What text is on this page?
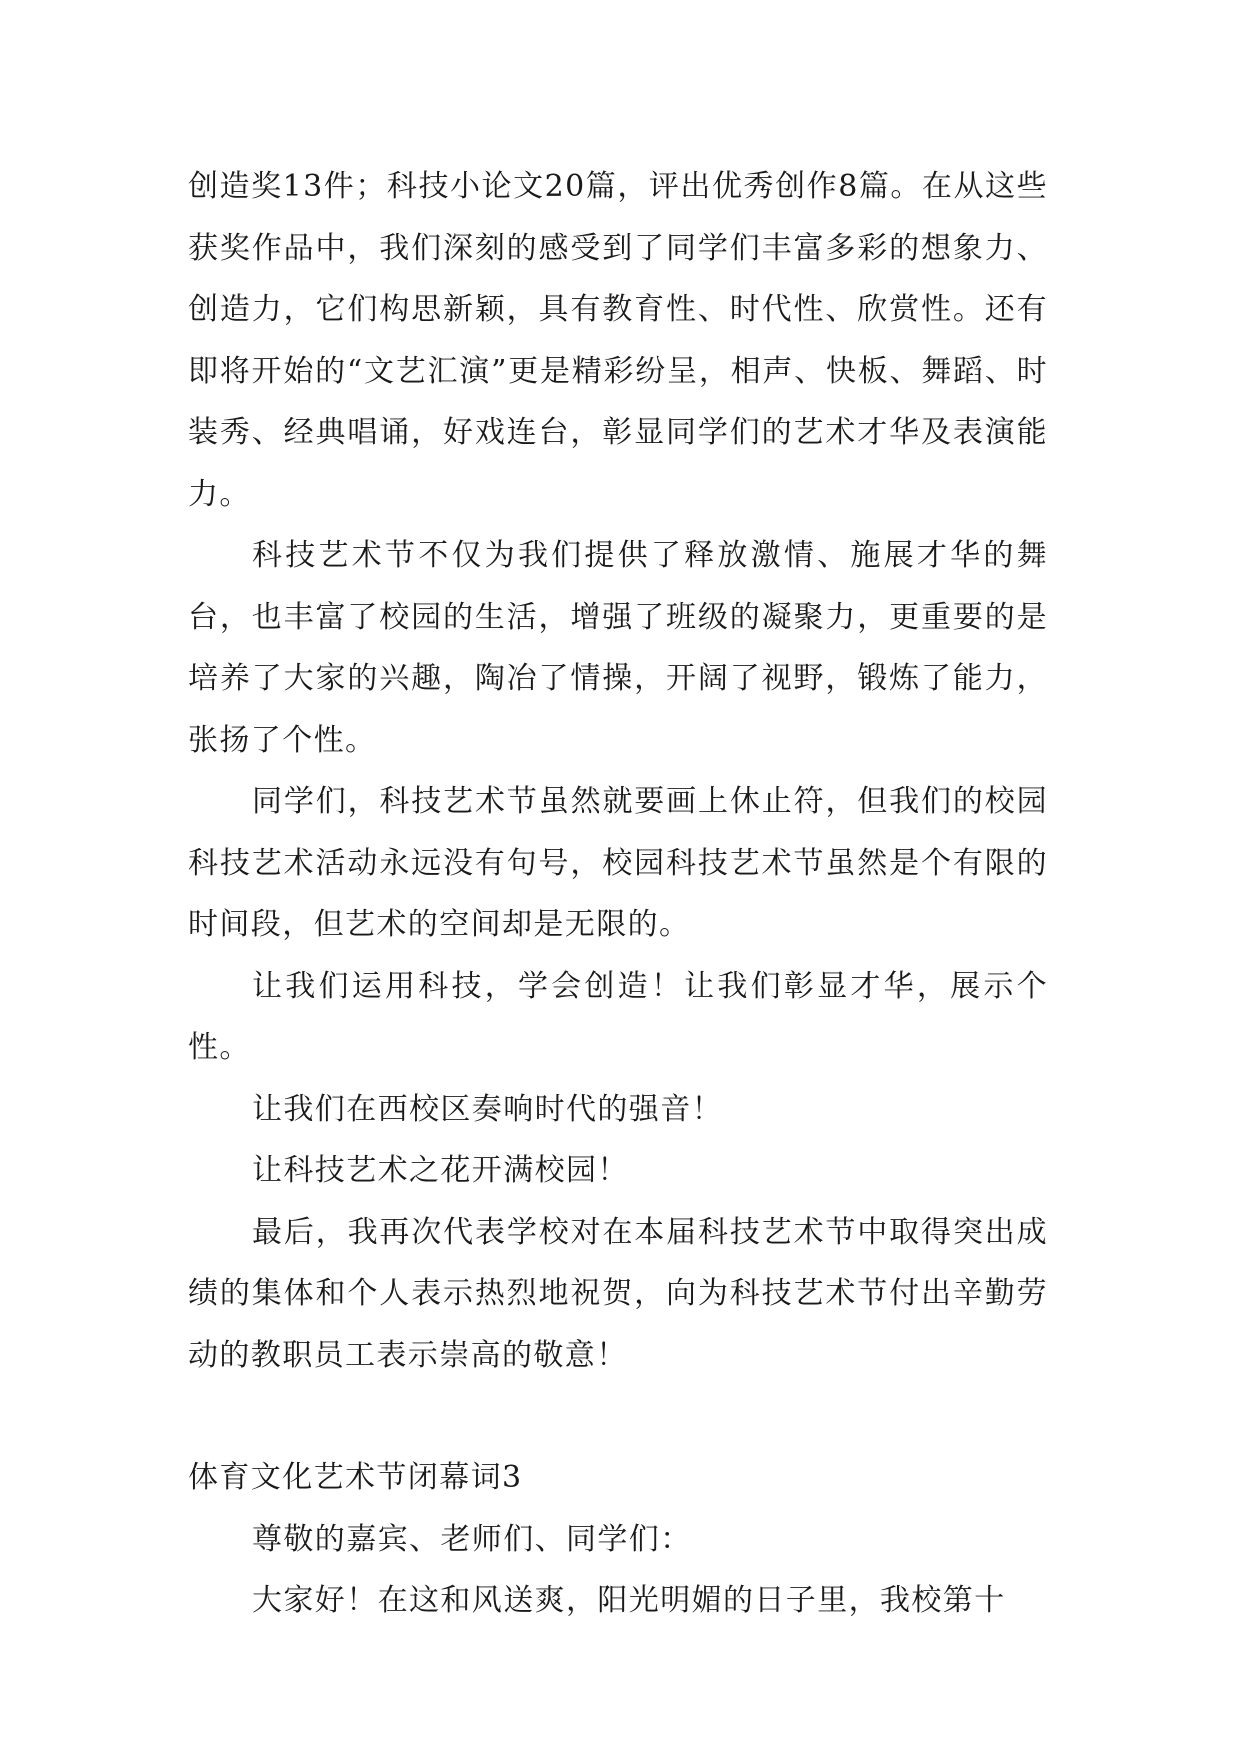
创造奖13件；科技小论文20篇，评出优秀创作8篇。在从这些获奖作品中，我们深刻的感受到了同学们丰富多彩的想象力、创造力，它们构思新颖，具有教育性、时代性、欣赏性。还有即将开始的“文艺汇演”更是精彩纷呈，相声、快板、舞蹈、时装秀、经典唱诵，好戏连台，彰显同学们的艺术才华及表演能力。

科技艺术节不仅为我们提供了释放激情、施展才华的舞台，也丰富了校园的生活，增强了班级的凝聚力，更重要的是培养了大家的兴趣，陶冶了情操，开阔了视野，锻炼了能力，张扬了个性。

同学们，科技艺术节虽然就要画上休止符，但我们的校园科技艺术活动永远没有句号，校园科技艺术节虽然是个有限的时间段，但艺术的空间却是无限的。

让我们运用科技，学会创造！让我们彰显才华，展示个性。

让我们在西校区奏响时代的强音！

让科技艺术之花开满校园！

最后，我再次代表学校对在本届科技艺术节中取得突出成绩的集体和个人表示热烈地祝贺，向为科技艺术节付出辛勤劳动的教职员工表示崇高的敬意！

体育文化艺术节闭幕词3

尊敬的嘉宾、老师们、同学们：

大家好！在这和风送爽，阳光明媚的日子里，我校第十
